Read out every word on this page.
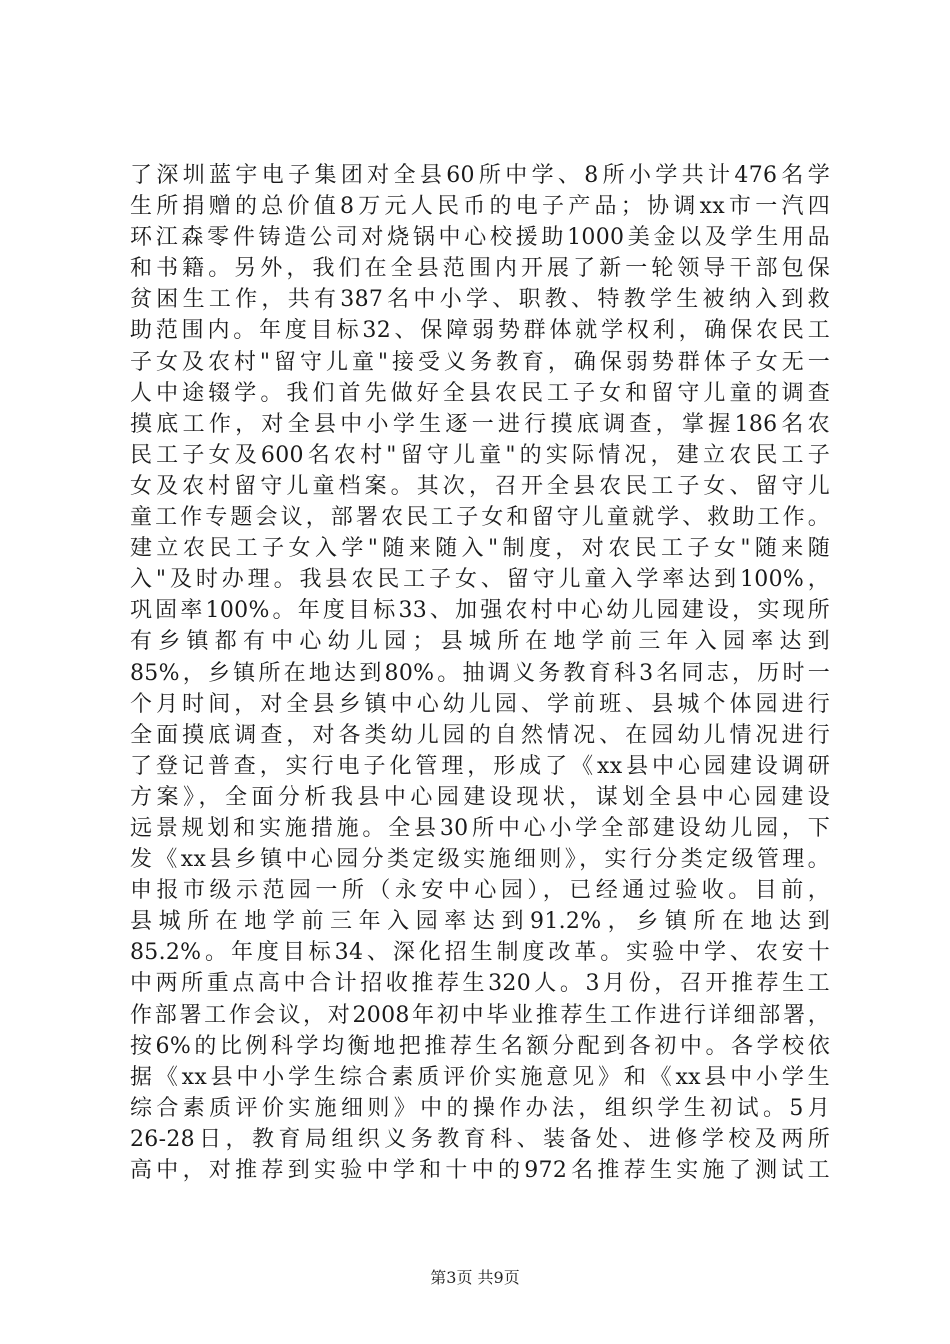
了深圳蓝宇电子集团对全县60所中学、8所小学共计476名学
生所捐赠的总价值8万元人民币的电子产品；协调xx市一汽四
环江森零件铸造公司对烧锅中心校援助1000美金以及学生用品
和书籍。另外，我们在全县范围内开展了新一轮领导干部包保
贫困生工作，共有387名中小学、职教、特教学生被纳入到救
助范围内。年度目标32、保障弱势群体就学权利，确保农民工
子女及农村"留守儿童"接受义务教育，确保弱势群体子女无一
人中途辍学。我们首先做好全县农民工子女和留守儿童的调查
摸底工作，对全县中小学生逐一进行摸底调查，掌握186名农
民工子女及600名农村"留守儿童"的实际情况，建立农民工子
女及农村留守儿童档案。其次，召开全县农民工子女、留守儿
童工作专题会议，部署农民工子女和留守儿童就学、救助工作。
建立农民工子女入学"随来随入"制度，对农民工子女"随来随
入"及时办理。我县农民工子女、留守儿童入学率达到100%，
巩固率100%。年度目标33、加强农村中心幼儿园建设，实现所
有乡镇都有中心幼儿园；县城所在地学前三年入园率达到
85%，乡镇所在地达到80%。抽调义务教育科3名同志，历时一
个月时间，对全县乡镇中心幼儿园、学前班、县城个体园进行
全面摸底调查，对各类幼儿园的自然情况、在园幼儿情况进行
了登记普查，实行电子化管理，形成了《xx县中心园建设调研
方案》，全面分析我县中心园建设现状，谋划全县中心园建设
远景规划和实施措施。全县30所中心小学全部建设幼儿园，下
发《xx县乡镇中心园分类定级实施细则》，实行分类定级管理。
申报市级示范园一所（永安中心园），已经通过验收。目前，
县城所在地学前三年入园率达到91.2%，乡镇所在地达到
85.2%。年度目标34、深化招生制度改革。实验中学、农安十
中两所重点高中合计招收推荐生320人。3月份，召开推荐生工
作部署工作会议，对2008年初中毕业推荐生工作进行详细部署，
按6%的比例科学均衡地把推荐生名额分配到各初中。各学校依
据《xx县中小学生综合素质评价实施意见》和《xx县中小学生
综合素质评价实施细则》中的操作办法，组织学生初试。5月
26-28日，教育局组织义务教育科、装备处、进修学校及两所
高中，对推荐到实验中学和十中的972名推荐生实施了测试工
第3页 共9页
